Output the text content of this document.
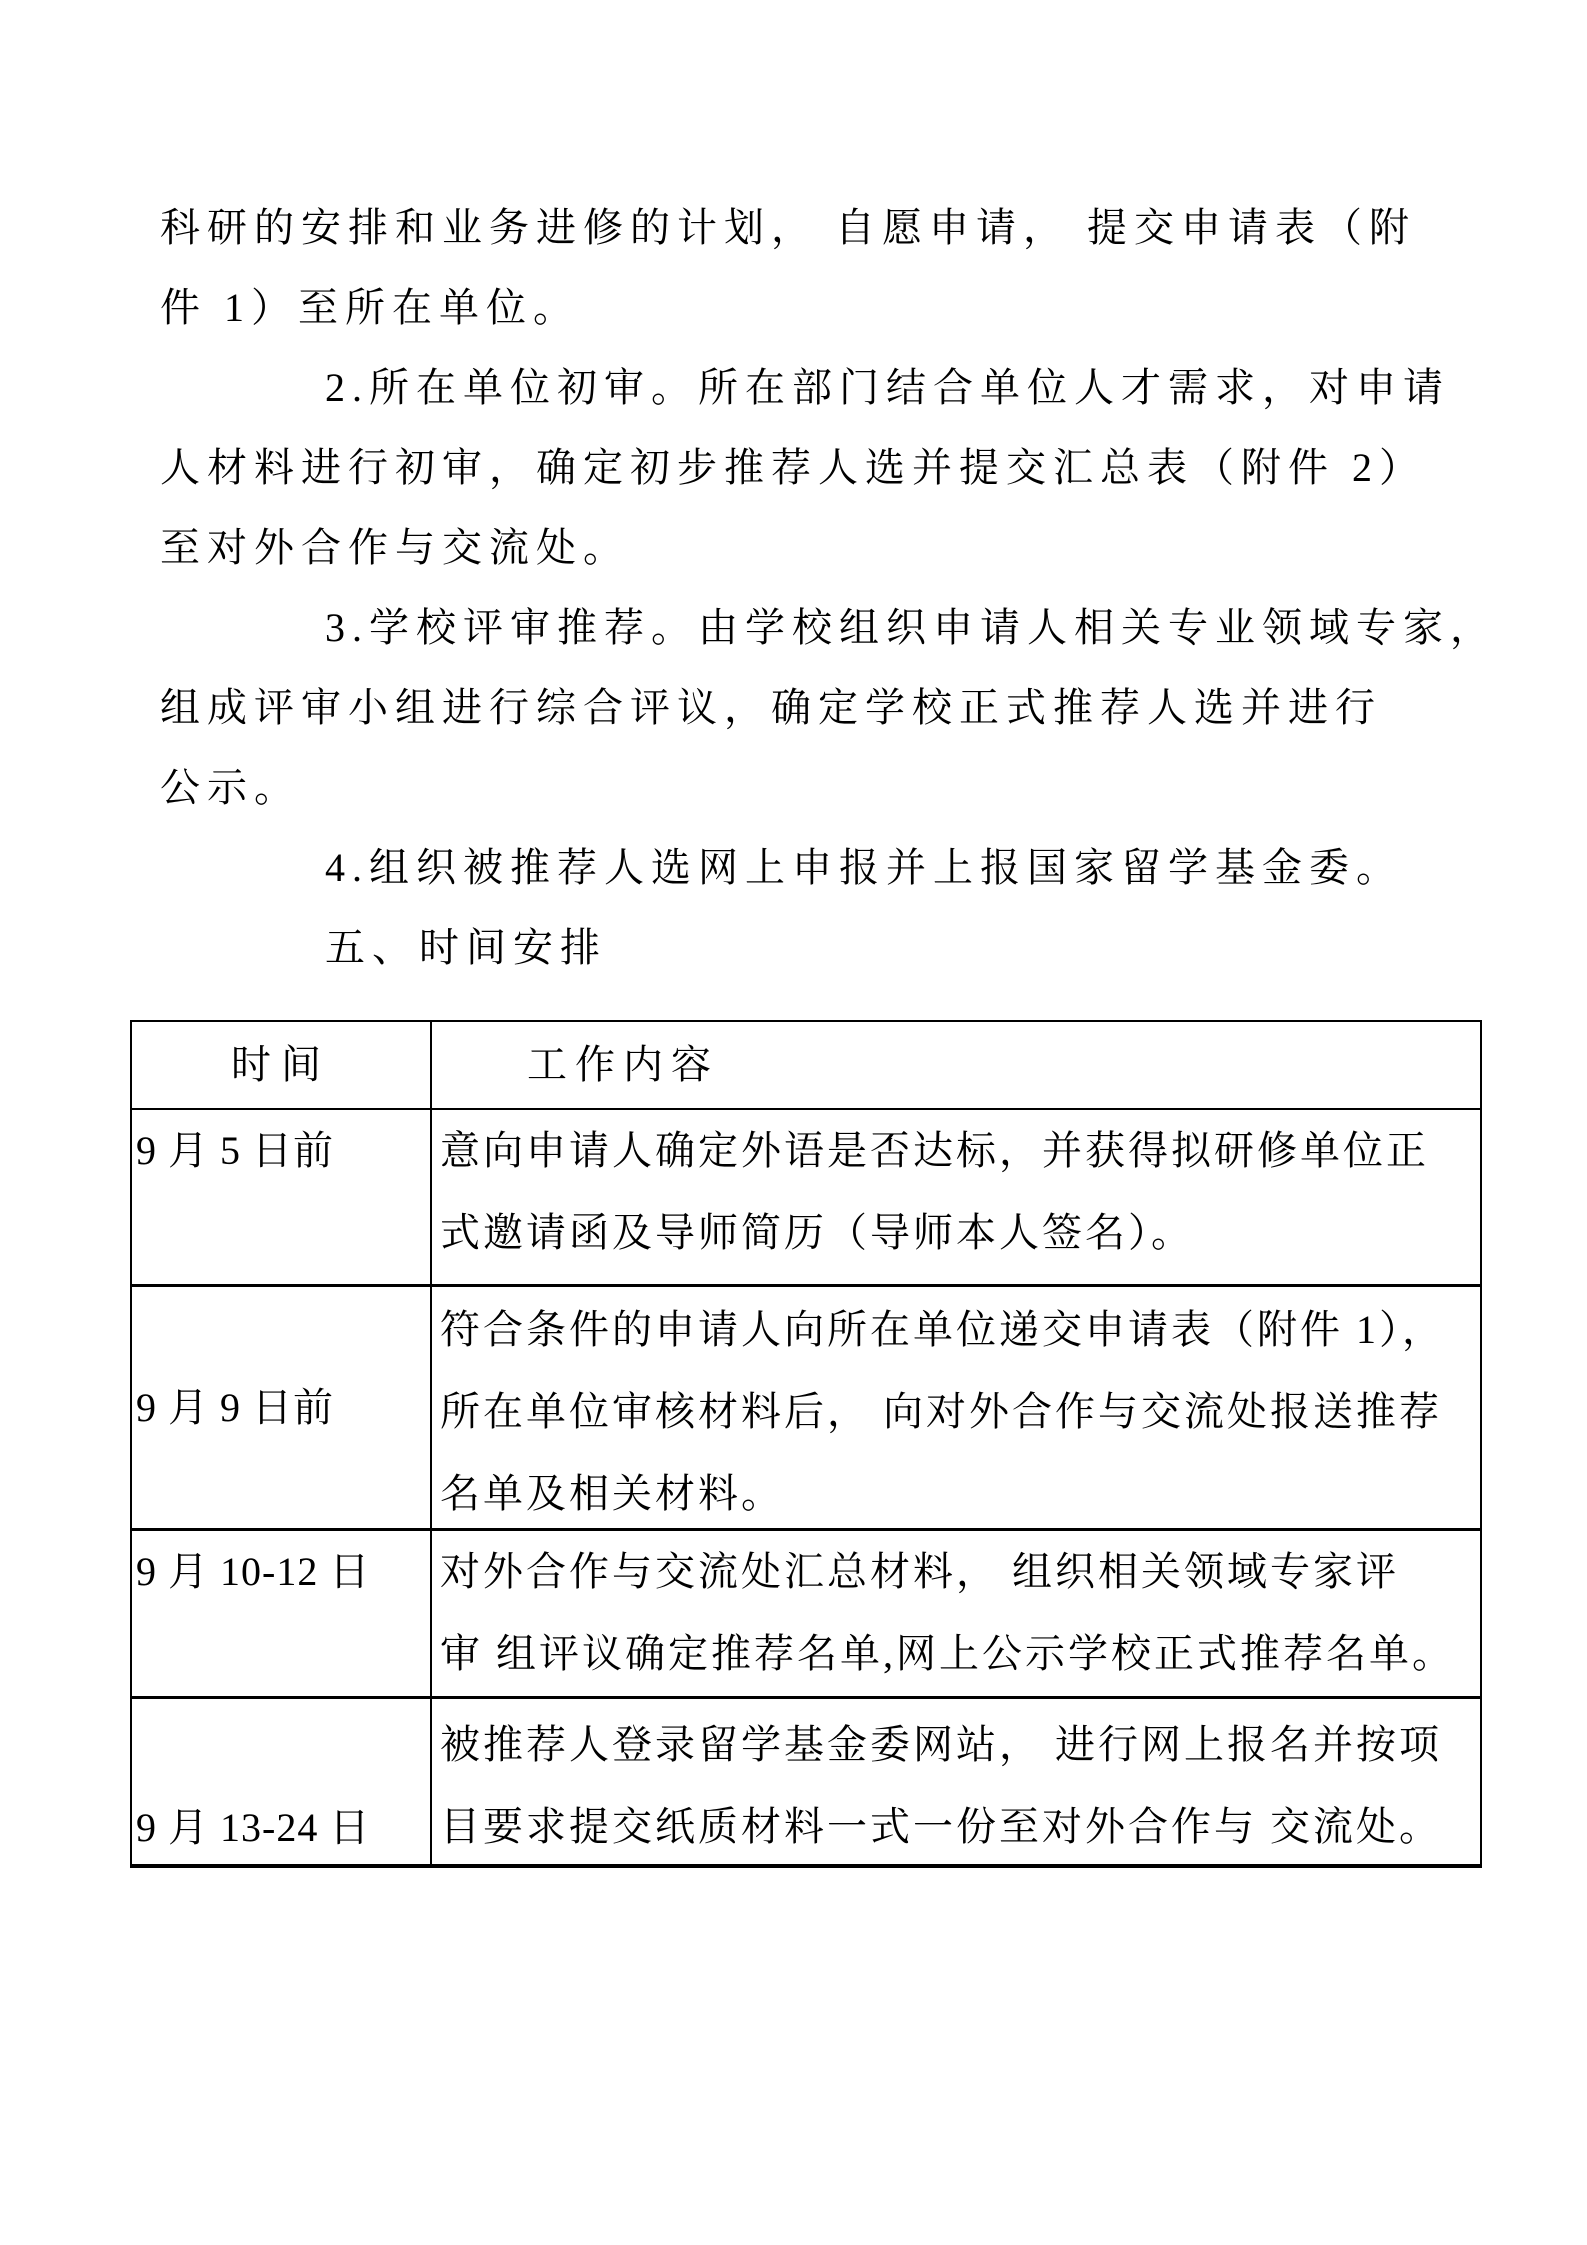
科研的安排和业务进修的计划， 自愿申请， 提交申请表（附
件 1）至所在单位。
2.所在单位初审。所在部门结合单位人才需求，对申请
人材料进行初审，确定初步推荐人选并提交汇总表（附件 2）
至对外合作与交流处。
3.学校评审推荐。由学校组织申请人相关专业领域专家，
组成评审小组进行综合评议，确定学校正式推荐人选并进行
公示。
4.组织被推荐人选网上申报并上报国家留学基金委。
五、时间安排
时间	工作内容
9 月 5 日前	意向申请人确定外语是否达标，并获得拟研修单位正
式邀请函及导师简历（导师本人签名）。
9 月 9 日前
符合条件的申请人向所在单位递交申请表（附件 1），
所在单位审核材料后， 向对外合作与交流处报送推荐
名单及相关材料。
9 月 10-12 日 对外合作与交流处汇总材料， 组织相关领域专家评
审 组评议确定推荐名单,网上公示学校正式推荐名单。
9 月 13-24 日
被推荐人登录留学基金委网站， 进行网上报名并按项
目要求提交纸质材料一式一份至对外合作与 交流处。
